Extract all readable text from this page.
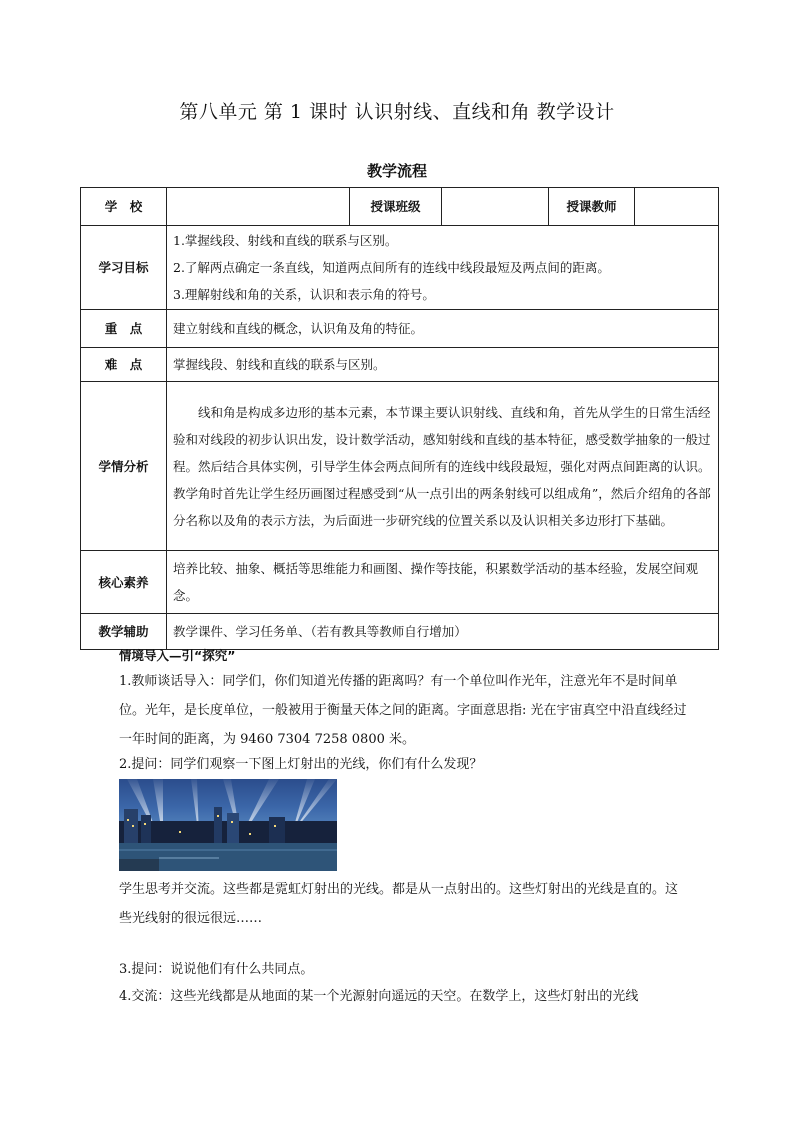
第八单元 第 1 课时 认识射线、直线和角 教学设计
教学流程
学　校		授课班级		授课教师	
学习目标	1.掌握线段、射线和直线的联系与区别。
2.了解两点确定一条直线，知道两点间所有的连线中线段最短及两点间的距离。
3.理解射线和角的关系，认识和表示角的符号。				

重　点	建立射线和直线的概念，认识角及角的特征。				
难　点	掌握线段、射线和直线的联系与区别。				
学情分析	线和角是构成多边形的基本元素，本节课主要认识射线、直线和角，首先从学生的日常生活经验和对线段的初步认识出发，设计数学活动，感知射线和直线的基本特征，感受数学抽象的一般过程。然后结合具体实例，引导学生体会两点间所有的连线中线段最短，强化对两点间距离的认识。教学角时首先让学生经历画图过程感受到“从一点引出的两条射线可以组成角”，然后介绍角的各部分名称以及角的表示方法，为后面进一步研究线的位置关系以及认识相关多边形打下基础。				
核心素养	培养比较、抽象、概括等思维能力和画图、操作等技能，积累数学活动的基本经验，发展空间观念。				
教学辅助	教学课件、学习任务单、（若有教具等教师自行增加）				
情境导入—引“探究”
1.教师谈话导入：同学们，你们知道光传播的距离吗？有一个单位叫作光年，注意光年不是时间单位。光年，是长度单位，一般被用于衡量天体之间的距离。字面意思指: 光在宇宙真空中沿直线经过一年时间的距离，为 9460 7304 7258 0800 米。
2.提问：同学们观察一下图上灯射出的光线，你们有什么发现？
学生思考并交流。这些都是霓虹灯射出的光线。都是从一点射出的。这些灯射出的光线是直的。这些光线射的很远很远……
3.提问：说说他们有什么共同点。
4.交流：这些光线都是从地面的某一个光源射向遥远的天空。在数学上，这些灯射出的光线
